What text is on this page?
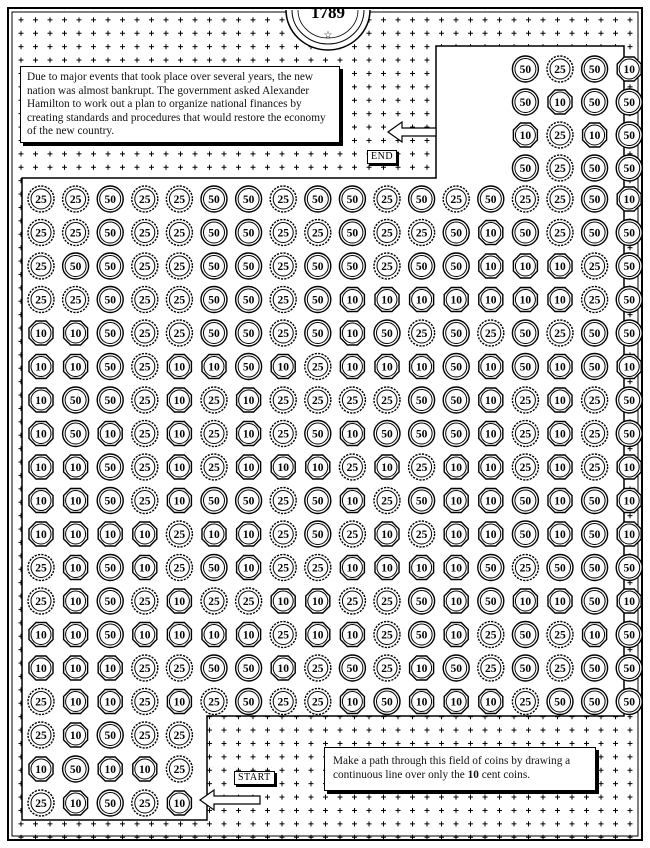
25 25 50 25 25 50 50 25 50 50 25 50 25 50 25 25 50 10
25 25 50 25 25 50 50 25 25 50 25 25 50 10 50 25 50 50
25 50 50 25 25 50 50 25 50 50 25 50 50 10 10 10 25 50
25 25 50 25 25 50 50 25 50 10 10 10 10 10 10 10 25 50
10 10 50 25 25 50 50 25 50 10 50 25 50 25 50 25 50 50
10 10 50 25 10 10 50 10 25 10 10 10 50 10 50 10 50 10
10 50 50 25 10 25 10 25 25 25 25 50 50 10 25 10 25 50
10 50 10 25 10 25 10 25 50 10 50 50 50 10 25 10 25 50
10 10 50 25 10 25 10 10 10 25 10 25 10 10 25 10 25 10
10 10 50 25 10 50 50 25 50 10 25 50 10 10 50 10 50 10
10 10 10 10 25 10 10 25 50 25 10 25 10 10 50 10 50 10
25 10 50 10 25 50 10 25 25 10 10 10 10 50 25 50 50 50
25 10 50 25 10 25 25 10 10 25 25 50 10 50 10 10 50 10
10 10 50 10 10 10 10 25 10 10 25 50 10 25 50 25 10 50
10 10 10 25 25 50 50 10 25 50 25 10 50 25 50 25 50 50
25 10 10 25 10 25 50 25 25 10 50 10 10 10 25 50 50 50
50 25 50 10
50 10 50 50
10 25 10 50
50 25 50 50
25 10 50 25 25
10 50 10 10 25
25 10 50 25 10
☆
1789
Due to major events that took place over several years, the new nation was almost bankrupt. The government asked Alexander Hamilton to work out a plan to organize national finances by creating standards and procedures that would restore the economy of the new country.
END
START
Make a path through this field of coins by drawing a continuous line over only the 10 cent coins.
